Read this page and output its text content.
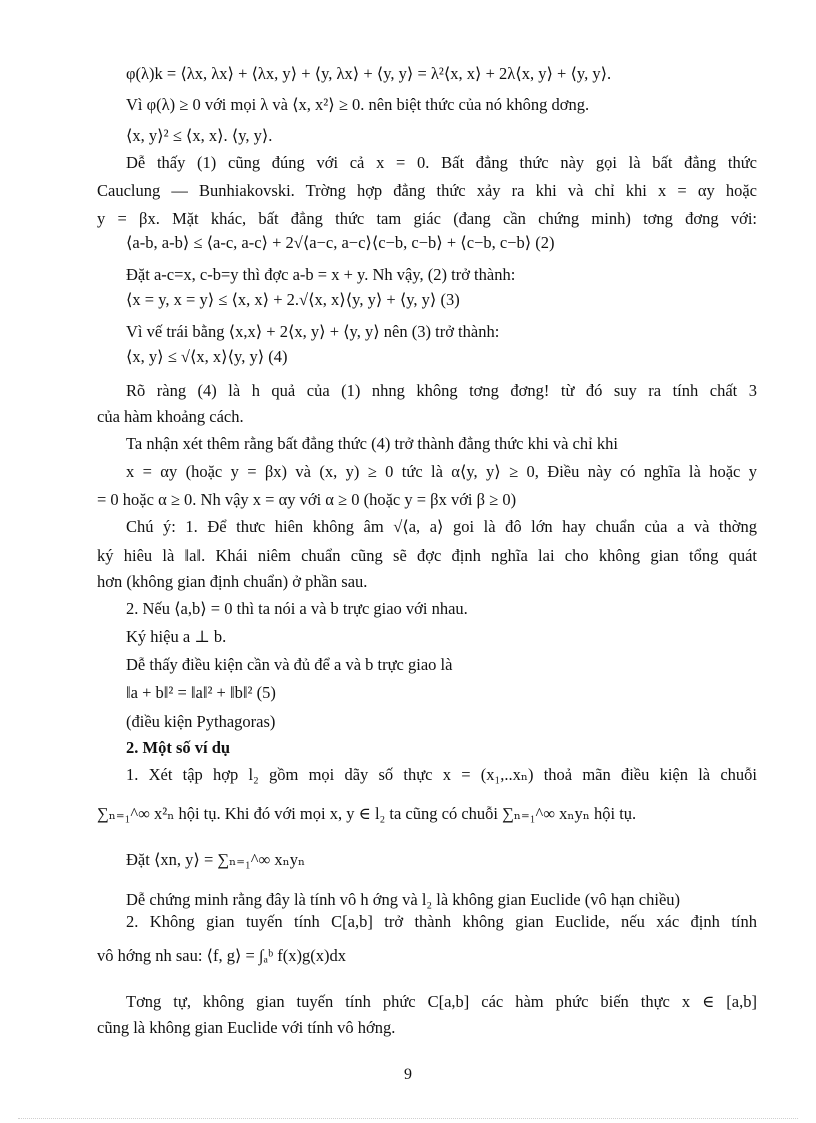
φ(λ)k = ⟨λx, λx⟩ + ⟨λx, y⟩ + ⟨y, λx⟩ + ⟨y, y⟩ = λ²⟨x, x⟩ + 2λ⟨x, y⟩ + ⟨y, y⟩.
Vì φ(λ) ≥ 0 với mọi λ và ⟨x, x²⟩ ≥ 0. nên biệt thức của nó không dơng.
⟨x, y⟩² ≤ ⟨x, x⟩. ⟨y, y⟩.
Dễ thấy (1) cũng đúng với cả x = 0. Bất đẳng thức này gọi là bất đẳng thức
Cauclung — Bunhiakovski. Trờng hợp đẳng thức xảy ra khi và chỉ khi x = αy hoặc
y = βx. Mặt khác, bất đẳng thức tam giác (đang cần chứng minh) tơng đơng với:
⟨a-b, a-b⟩ ≤ ⟨a-c, a-c⟩ + 2√⟨a−c, a−c⟩⟨c−b, c−b⟩ + ⟨c−b, c−b⟩ (2)
Đặt a-c=x, c-b=y thì đợc a-b = x + y. Nh vậy, (2) trở thành:
⟨x = y, x = y⟩ ≤ ⟨x, x⟩ + 2.√⟨x, x⟩⟨y, y⟩ + ⟨y, y⟩ (3)
Vì vế trái bằng ⟨x,x⟩ + 2⟨x, y⟩ + ⟨y, y⟩ nên (3) trở thành:
⟨x, y⟩ ≤ √⟨x, x⟩⟨y, y⟩ (4)
Rõ ràng (4) là h quả của (1) nhng không tơng đơng! từ đó suy ra tính chất 3
của hàm khoảng cách.
Ta nhận xét thêm rằng bất đẳng thức (4) trở thành đẳng thức khi và chỉ khi
x = αy (hoặc y = βx) và (x, y) ≥ 0 tức là α⟨y, y⟩ ≥ 0, Điều này có nghĩa là hoặc y
= 0 hoặc α ≥ 0. Nh vậy x = αy với α ≥ 0 (hoặc y = βx với β ≥ 0)
Chú ý: 1. Để thưc hiên không âm √⟨a, a⟩ goi là đô lớn hay chuẩn của a và thờng
ký hiêu là ‖a‖. Khái niêm chuẩn cũng sẽ đợc định nghĩa lai cho không gian tổng quát
hơn (không gian định chuẩn) ở phần sau.
2. Nếu ⟨a,b⟩ = 0 thì ta nói a và b trực giao với nhau.
Ký hiệu a ⊥ b.
Dễ thấy điều kiện cần và đủ để a và b trực giao là
‖a + b‖² = ‖a‖² + ‖b‖² (5)
(điều kiện Pythagoras)
2. Một số ví dụ
1. Xét tập hợp l₂ gồm mọi dãy số thực x = (x₁,..xₙ) thoả mãn điều kiện là chuỗi
∑ₙ₌₁^∞ x²ₙ hội tụ. Khi đó với mọi x, y ∈ l₂ ta cũng có chuỗi ∑ₙ₌₁^∞ xₙyₙ hội tụ.
Đặt ⟨xn, y⟩ = ∑ₙ₌₁^∞ xₙyₙ
Dễ chứng minh rằng đây là tính vô h ớng và l₂ là không gian Euclide (vô hạn chiều)
2. Không gian tuyến tính C[a,b] trở thành không gian Euclide, nếu xác định tính
vô hớng nh sau: ⟨f, g⟩ = ∫ₐᵇ f(x)g(x)dx
Tơng tự, không gian tuyến tính phức C[a,b] các hàm phức biến thực x ∈ [a,b]
cũng là không gian Euclide với tính vô hớng.
9
